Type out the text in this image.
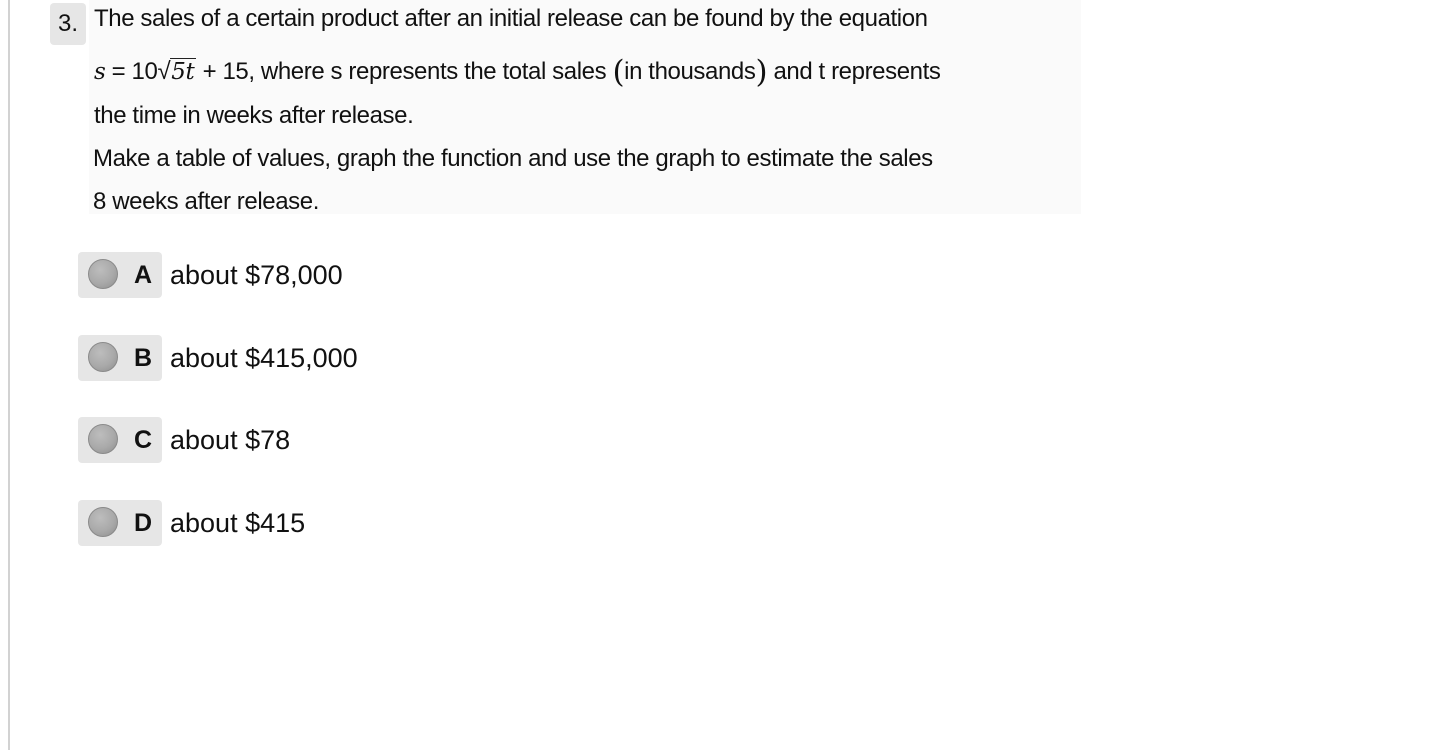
3. The sales of a certain product after an initial release can be found by the equation
s = 10√5t + 15, where s represents the total sales (in thousands) and t represents
the time in weeks after release.
Make a table of values, graph the function and use the graph to estimate the sales
8 weeks after release.
A about $78,000
B about $415,000
C about $78
D about $415
